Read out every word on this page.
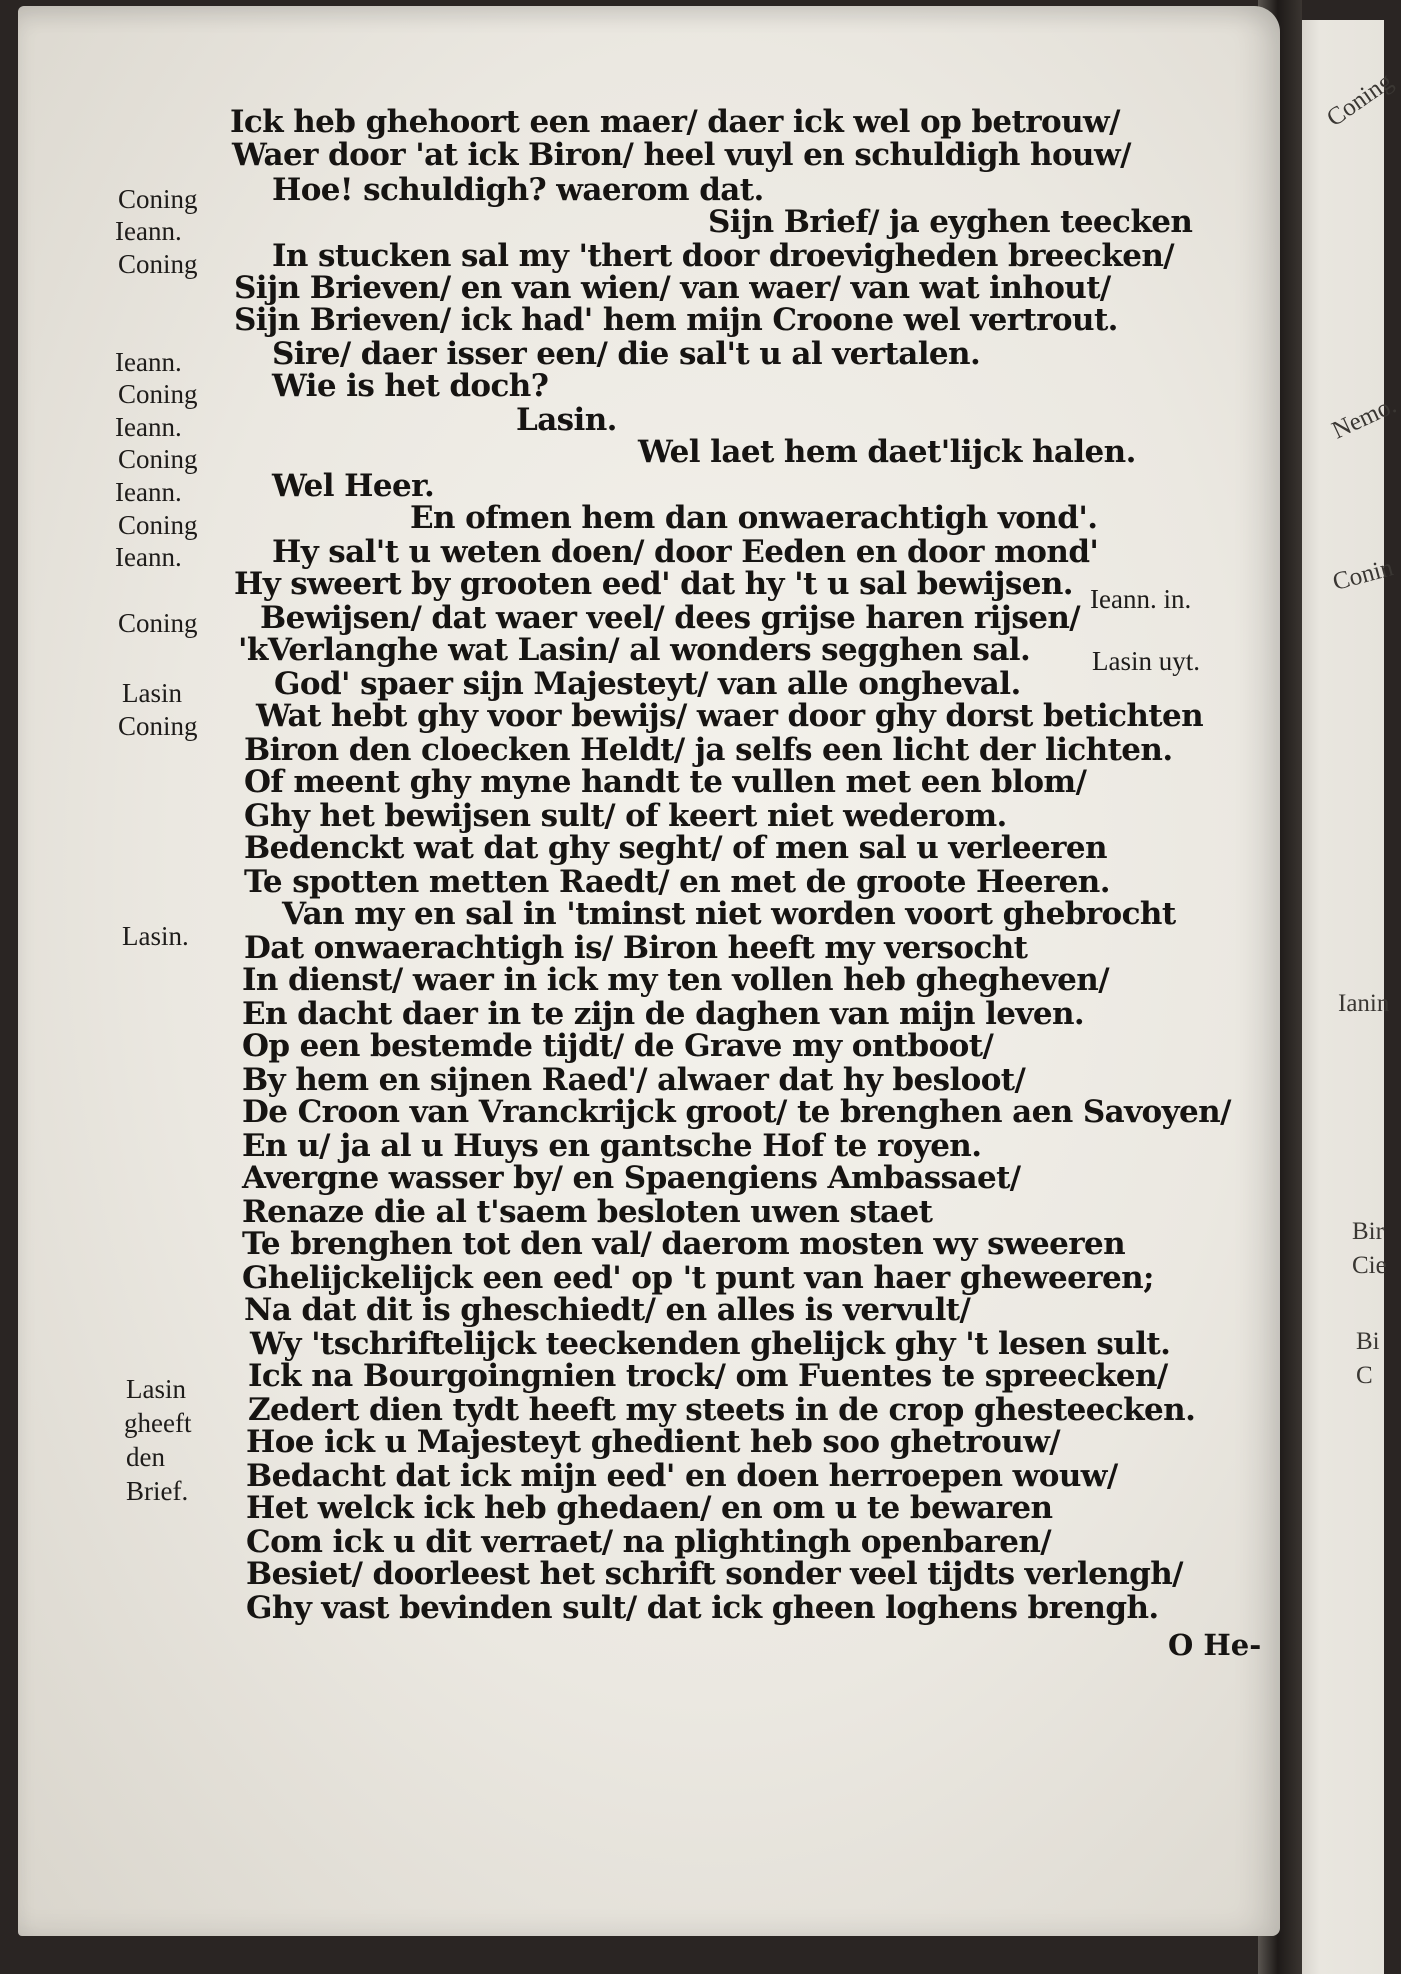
Coning
Nemo.
Conin
Ianin
Bir
Cie
Bi
C
Coning
Ieann.
Coning
Ieann.
Coning
Ieann.
Coning
Ieann.
Coning
Ieann.
Coning
Lasin
Coning
Lasin.
Lasin
gheeft
den
Brief.
Ieann. in.
Lasin uyt.
Ick heb ghehoort een maer/ daer ick wel op betrouw/
Waer door 'at ick Biron/ heel vuyl en schuldigh houw/
Hoe! schuldigh? waerom dat.
Sijn Brief/ ja eyghen teecken
In stucken sal my 'thert door droevigheden breecken/
Sijn Brieven/ en van wien/ van waer/ van wat inhout/
Sijn Brieven/ ick had' hem mijn Croone wel vertrout.
Sire/ daer isser een/ die sal't u al vertalen.
Wie is het doch?
Lasin.
Wel laet hem daet'lijck halen.
Wel Heer.
En ofmen hem dan onwaerachtigh vond'.
Hy sal't u weten doen/ door Eeden en door mond'
Hy sweert by grooten eed' dat hy 't u sal bewijsen.
Bewijsen/ dat waer veel/ dees grijse haren rijsen/
'kVerlanghe wat Lasin/ al wonders segghen sal.
God' spaer sijn Majesteyt/ van alle ongheval.
Wat hebt ghy voor bewijs/ waer door ghy dorst betichten
Biron den cloecken Heldt/ ja selfs een licht der lichten.
Of meent ghy myne handt te vullen met een blom/
Ghy het bewijsen sult/ of keert niet wederom.
Bedenckt wat dat ghy seght/ of men sal u verleeren
Te spotten metten Raedt/ en met de groote Heeren.
Van my en sal in 'tminst niet worden voort ghebrocht
Dat onwaerachtigh is/ Biron heeft my versocht
In dienst/ waer in ick my ten vollen heb ghegheven/
En dacht daer in te zijn de daghen van mijn leven.
Op een bestemde tijdt/ de Grave my ontboot/
By hem en sijnen Raed'/ alwaer dat hy besloot/
De Croon van Vranckrijck groot/ te brenghen aen Savoyen/
En u/ ja al u Huys en gantsche Hof te royen.
Avergne wasser by/ en Spaengiens Ambassaet/
Renaze die al t'saem besloten uwen staet
Te brenghen tot den val/ daerom mosten wy sweeren
Ghelijckelijck een eed' op 't punt van haer gheweeren;
Na dat dit is gheschiedt/ en alles is vervult/
Wy 'tschriftelijck teeckenden ghelijck ghy 't lesen sult.
Ick na Bourgoingnien trock/ om Fuentes te spreecken/
Zedert dien tydt heeft my steets in de crop ghesteecken.
Hoe ick u Majesteyt ghedient heb soo ghetrouw/
Bedacht dat ick mijn eed' en doen herroepen wouw/
Het welck ick heb ghedaen/ en om u te bewaren
Com ick u dit verraet/ na plightingh openbaren/
Besiet/ doorleest het schrift sonder veel tijdts verlengh/
Ghy vast bevinden sult/ dat ick gheen loghens brengh.
O He-
